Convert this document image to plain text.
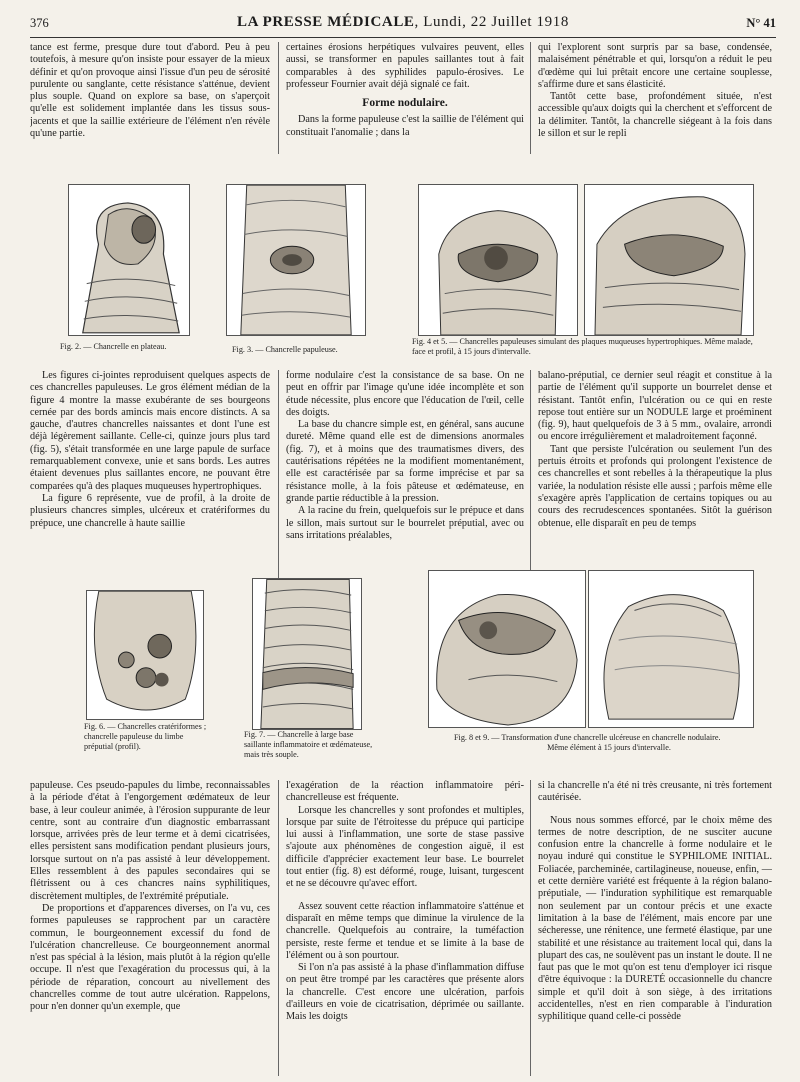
376	LA PRESSE MÉDICALE, Lundi, 22 Juillet 1918	N° 41

tance est ferme, presque dure tout d'abord. Peu à peu toutefois, à mesure qu'on insiste pour essayer de la mieux définir et qu'on provoque ainsi l'issue d'un peu de sérosité purulente ou sanglante, cette résistance s'atténue, devient plus souple. Quand on explore sa base, on s'aperçoit qu'elle est solidement implantée dans les tissus sous-jacents et que la saillie extérieure de l'élément n'en révèle qu'une partie.

certaines érosions herpétiques vulvaires peuvent, elles aussi, se transformer en papules saillantes tout à fait comparables à des syphilides papulo-érosives. Le professeur Fournier avait déjà signalé ce fait.

Forme nodulaire.

Dans la forme papuleuse c'est la saillie de l'élément qui constituait l'anomalie ; dans la

qui l'explorent sont surpris par sa base, condensée, malaisément pénétrable et qui, lorsqu'on a réduit le peu d'œdème qui lui prêtait encore une certaine souplesse, s'affirme dure et sans élasticité.

Tantôt cette base, profondément située, n'est accessible qu'aux doigts qui la cherchent et s'efforcent de la délimiter. Tantôt, la chancrelle siégeant à la fois dans le sillon et sur le repli

Fig. 2. — Chancrelle en plateau.	Fig. 3. — Chancrelle papuleuse.
Fig. 4 et 5. — Chancrelles papuleuses simulant des plaques muqueuses hypertrophiques. Même malade, face et profil, à 15 jours d'intervalle.

Les figures ci-jointes reproduisent quelques aspects de ces chancrelles papuleuses. Le gros élément médian de la figure 4 montre la masse exubérante de ses bourgeons cernée par des bords amincis mais encore distincts. A sa gauche, d'autres chancrelles naissantes et dont l'une est déjà légèrement saillante. Celle-ci, quinze jours plus tard (fig. 5), s'était transformée en une large papule de surface remarquablement convexe, unie et sans bords. Les autres étaient devenues plus saillantes encore, ne pouvant être comparées qu'à des plaques muqueuses hypertrophiques.

La figure 6 représente, vue de profil, à la droite de plusieurs chancres simples, ulcéreux et cratériformes du prépuce, une chancrelle à haute saillie

forme nodulaire c'est la consistance de sa base. On ne peut en offrir par l'image qu'une idée incomplète et son étude nécessite, plus encore que l'éducation de l'œil, celle des doigts.

La base du chancre simple est, en général, sans aucune dureté. Même quand elle est de dimensions anormales (fig. 7), et à moins que des traumatismes divers, des cautérisations répétées ne la modifient momentanément, elle est caractérisée par sa forme imprécise et par sa résistance molle, à la fois pâteuse et œdémateuse, en grande partie réductible à la pression.

A la racine du frein, quelquefois sur le prépuce et dans le sillon, mais surtout sur le bourrelet préputial, avec ou sans irritations préalables,

balano-préputial, ce dernier seul réagit et constitue à la partie de l'élément qu'il supporte un bourrelet dense et résistant. Tantôt enfin, l'ulcération ou ce qui en reste repose tout entière sur un NODULE large et proéminent (fig. 9), haut quelquefois de 3 à 5 mm., ovalaire, arrondi ou encore irrégulièrement et maladroitement façonné.

Tant que persiste l'ulcération ou seulement l'un des pertuis étroits et profonds qui prolongent l'existence de ces chancrelles et sont rebelles à la thérapeutique la plus variée, la nodulation résiste elle aussi ; parfois même elle s'exagère après l'application de certains topiques ou au cours des recrudescences spontanées. Sitôt la guérison obtenue, elle disparaît en peu de temps

Fig. 6. — Chancrelles cratériformes ; chancrelle papuleuse du limbe préputial (profil).
Fig. 7. — Chancrelle à large base saillante inflammatoire et œdémateuse, mais très souple.
Fig. 8 et 9. — Transformation d'une chancrelle ulcéreuse en chancrelle nodulaire.
Même élément à 15 jours d'intervalle.

papuleuse. Ces pseudo-papules du limbe, reconnaissables à la période d'état à l'engorgement œdémateux de leur base, à leur couleur animée, à l'érosion suppurante de leur centre, sont au contraire d'un diagnostic embarrassant lorsque, arrivées près de leur terme et à demi cicatrisées, elles persistent sans modification pendant plusieurs jours, lorsque surtout on n'a pas assisté à leur développement. Elles ressemblent à des papules secondaires qui se flétrissent ou à ces chancres nains syphilitiques, discrètement multiples, de l'extrémité préputiale.

De proportions et d'apparences diverses, on l'a vu, ces formes papuleuses se rapprochent par un caractère commun, le bourgeonnement excessif du fond de l'ulcération chancrelleuse. Ce bourgeonnement anormal n'est pas spécial à la lésion, mais plutôt à la région qu'elle occupe. Il n'est que l'exagération du processus qui, à la période de réparation, concourt au nivellement des chancrelles comme de tout autre ulcération. Rappelons, pour n'en donner qu'un exemple, que

l'exagération de la réaction inflammatoire péri-chancrelleuse est fréquente.

Lorsque les chancrelles y sont profondes et multiples, lorsque par suite de l'étroitesse du prépuce qui participe lui aussi à l'inflammation, une sorte de stase passive s'ajoute aux phénomènes de congestion aiguë, il est difficile d'apprécier exactement leur base. Le bourrelet tout entier (fig. 8) est déformé, rouge, luisant, turgescent et ne se découvre qu'avec effort.

Assez souvent cette réaction inflammatoire s'atténue et disparaît en même temps que diminue la virulence de la chancrelle. Quelquefois au contraire, la tuméfaction persiste, reste ferme et tendue et se limite à la base de l'élément ou à son pourtour.

Si l'on n'a pas assisté à la phase d'inflammation diffuse on peut être trompé par les caractères que présente alors la chancrelle. C'est encore une ulcération, parfois d'ailleurs en voie de cicatrisation, déprimée ou saillante. Mais les doigts

si la chancrelle n'a été ni très creusante, ni très fortement cautérisée.

Nous nous sommes efforcé, par le choix même des termes de notre description, de ne susciter aucune confusion entre la chancrelle à forme nodulaire et le noyau induré qui constitue le SYPHILOME INITIAL. Foliacée, parcheminée, cartilagineuse, noueuse, enfin, — et cette dernière variété est fréquente à la région balano-préputiale, — l'induration syphilitique est remarquable non seulement par un contour précis et une exacte limitation à la base de l'élément, mais encore par une sécheresse, une rénitence, une fermeté élastique, par une stabilité et une résistance au traitement local qui, dans la plupart des cas, ne soulèvent pas un instant le doute. Il ne faut pas que le mot qu'on est tenu d'employer ici risque d'être équivoque : la DURETÉ occasionnelle du chancre simple et qu'il doit à son siège, à des irritations accidentelles, n'est en rien comparable à l'induration syphilitique quand celle-ci possède
